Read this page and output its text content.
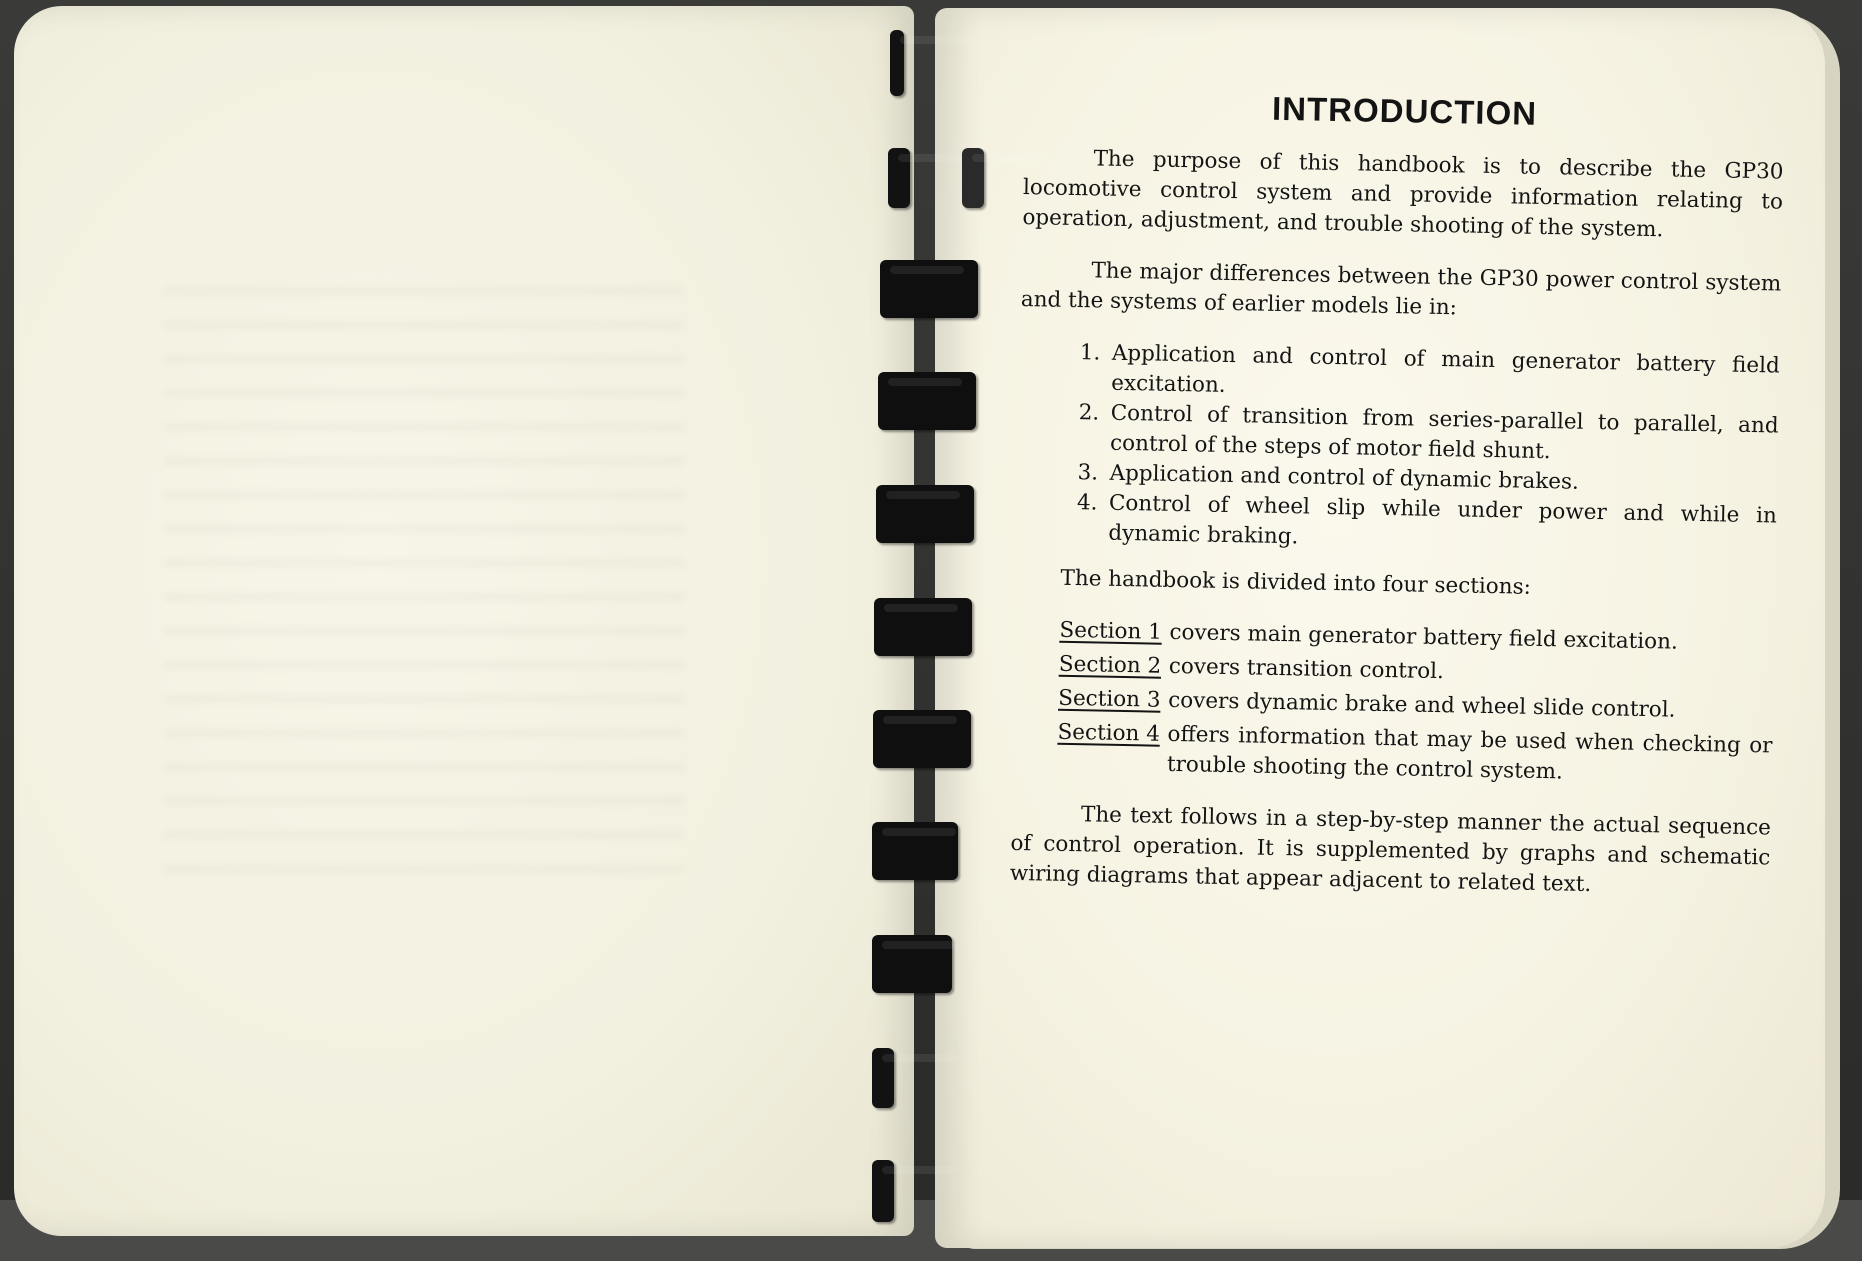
INTRODUCTION

The purpose of this handbook is to describe the GP30 locomotive control system and provide information relating to operation, adjustment, and trouble shooting of the system.

The major differences between the GP30 power control system and the systems of earlier models lie in:

1. Application and control of main generator battery field excitation.
2. Control of transition from series-parallel to parallel, and control of the steps of motor field shunt.
3. Application and control of dynamic brakes.
4. Control of wheel slip while under power and while in dynamic braking.

The handbook is divided into four sections:

Section 1 covers main generator battery field excitation.
Section 2 covers transition control.
Section 3 covers dynamic brake and wheel slide control.
Section 4 offers information that may be used when checking or trouble shooting the control system.

The text follows in a step-by-step manner the actual sequence of control operation. It is supplemented by graphs and schematic wiring diagrams that appear adjacent to related text.
